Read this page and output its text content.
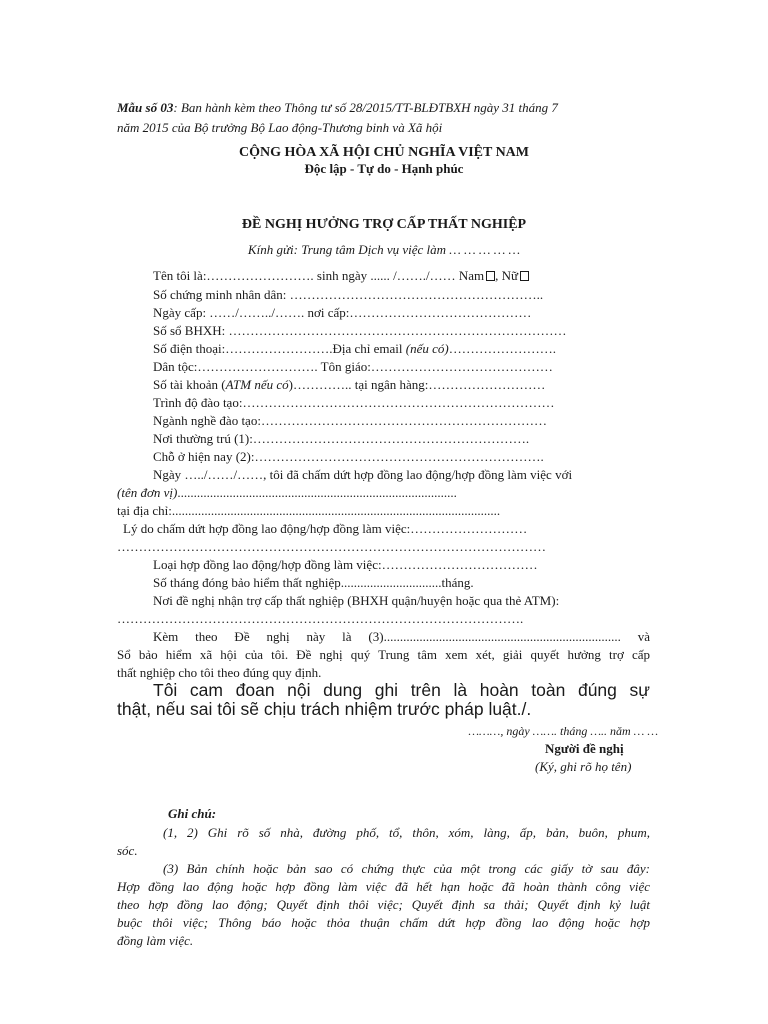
Mẫu số 03: Ban hành kèm theo Thông tư số 28/2015/TT-BLĐTBXH ngày 31 tháng 7
năm 2015 của Bộ trưởng Bộ Lao động-Thương binh và Xã hội
CỘNG HÒA XÃ HỘI CHỦ NGHĨA VIỆT NAM
Độc lập - Tự do - Hạnh phúc
ĐỀ NGHỊ HƯỞNG TRỢ CẤP THẤT NGHIỆP
Kính gửi: Trung tâm Dịch vụ việc làm … … … … …
Tên tôi là:……………………. sinh ngày ...... /……./…… Nam , Nữ
Số chứng minh nhân dân: …………………………………………………..
Ngày cấp: ……/……../……. nơi cấp:……………………………………
Số sổ BHXH: ……………………………………………………………………
Số điện thoại:…………………….Địa chỉ email (nếu có)…………………….
Dân tộc:………………………. Tôn giáo:……………………………………
Số tài khoản (ATM nếu có)………….. tại ngân hàng:………………………
Trình độ đào tạo:………………………………………………………………
Ngành nghề đào tạo:…………………………………………………………
Nơi thường trú (1):……………………………………………………….
Chỗ ở hiện nay (2):………………………………………………………….
Ngày …../……/……, tôi đã chấm dứt hợp đồng lao động/hợp đồng làm việc với
(tên đơn vị)......................................................................................
tại địa chỉ:.....................................................................................................
Lý do chấm dứt hợp đồng lao động/hợp đồng làm việc:………………………
………………………………………………………………………………………
Loại hợp đồng lao động/hợp đồng làm việc:………………………………
Số tháng đóng bảo hiểm thất nghiệp...............................tháng.
Nơi đề nghị nhận trợ cấp thất nghiệp (BHXH quận/huyện hoặc qua thẻ ATM):
………………………………………………………………………………….
Kèm theo Đề nghị này là (3)......................................................................... và
Sổ bảo hiểm xã hội của tôi. Đề nghị quý Trung tâm xem xét, giải quyết hưởng trợ cấp
thất nghiệp cho tôi theo đúng quy định.
Tôi cam đoan nội dung ghi trên là hoàn toàn đúng sự
thật, nếu sai tôi sẽ chịu trách nhiệm trước pháp luật./.
………, ngày ……. tháng ….. năm … …
Người đề nghị
(Ký, ghi rõ họ tên)
Ghi chú:
(1, 2) Ghi rõ số nhà, đường phố, tổ, thôn, xóm, làng, ấp, bản, buôn, phum,
sóc.
(3) Bản chính hoặc bản sao có chứng thực của một trong các giấy tờ sau đây:
Hợp đồng lao động hoặc hợp đồng làm việc đã hết hạn hoặc đã hoàn thành công việc
theo hợp đồng lao động; Quyết định thôi việc; Quyết định sa thải; Quyết định kỷ luật
buộc thôi việc; Thông báo hoặc thỏa thuận chấm dứt hợp đồng lao động hoặc hợp
đồng làm việc.
